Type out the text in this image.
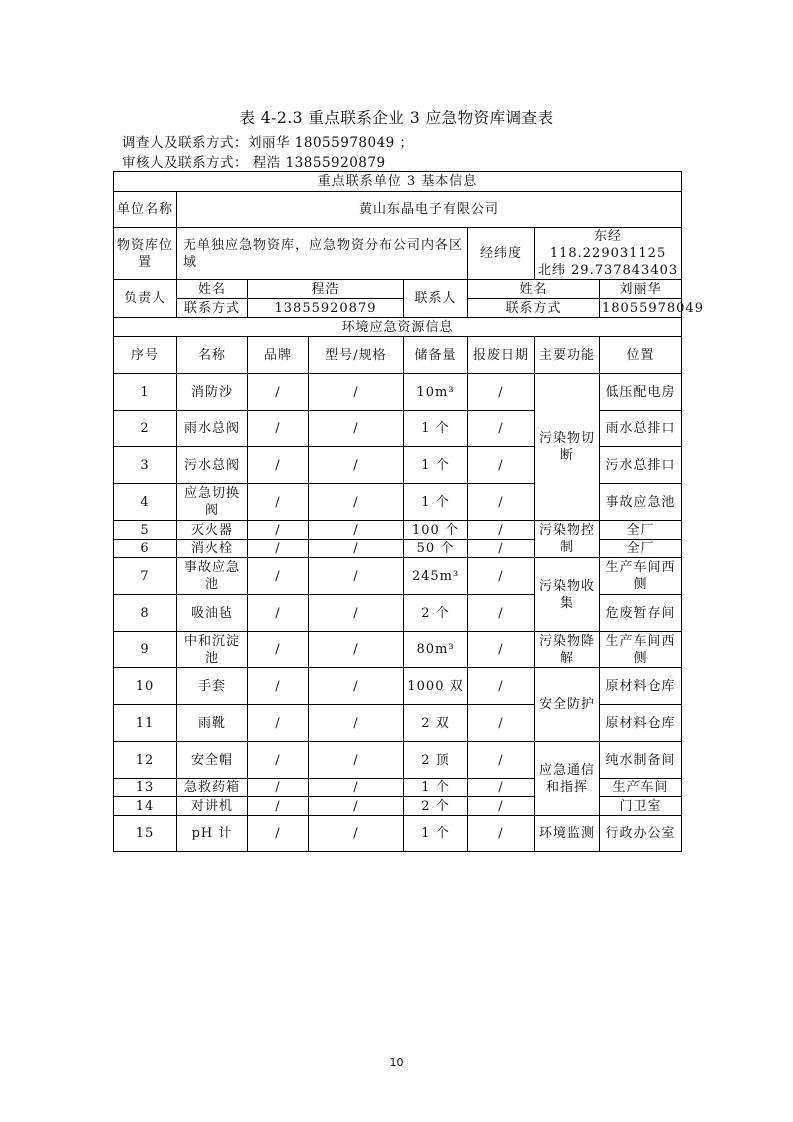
表 4-2.3 重点联系企业 3 应急物资库调查表
调查人及联系方式：刘丽华 18055978049 ；
审核人及联系方式： 程浩 13855920879
重点联系单位 3 基本信息							
单位名称	黄山东晶电子有限公司						
物资库位置	无单独应急物资库，应急物资分布公司内各区域				经纬度	东经 118.229031125
北纬 29.737843403	

负责人	姓名	程浩		联系人	姓名		刘丽华
	联系方式	13855920879			联系方式		18055978049
环境应急资源信息							
序号	名称	品牌	型号/规格	储备量	报废日期	主要功能	位置
1	消防沙	/	/	10m³	/	污染物切断	低压配电房
2	雨水总阀	/	/	1 个	/		雨水总排口
3	污水总阀	/	/	1 个	/		污水总排口
4	应急切换阀	/	/	1 个	/		事故应急池
5	灭火器	/	/	100 个	/	污染物控制	全厂
6	消火栓	/	/	50 个	/		全厂
7	事故应急池	/	/	245m³	/	污染物收集	生产车间西侧
8	吸油毡	/	/	2 个	/		危废暂存间
9	中和沉淀池	/	/	80m³	/	污染物降解	生产车间西侧
10	手套	/	/	1000 双	/	安全防护	原材料仓库
11	雨靴	/	/	2 双	/		原材料仓库
12	安全帽	/	/	2 顶	/	应急通信和指挥	纯水制备间
13	急救药箱	/	/	1 个	/		生产车间
14	对讲机	/	/	2 个	/		门卫室
15	pH 计	/	/	1 个	/	环境监测	行政办公室
10
